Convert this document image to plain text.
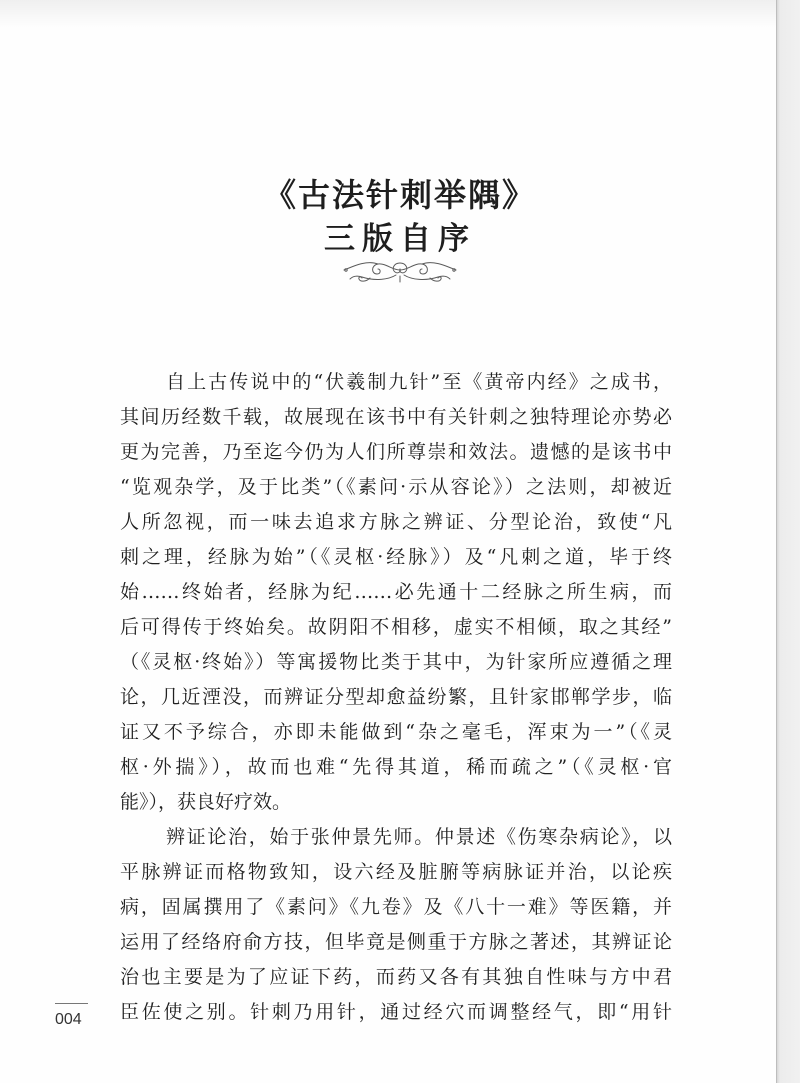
《古法针刺举隅》
三版自序
自上古传说中的“伏羲制九针”至《黄帝内经》之成书，
其间历经数千载，故展现在该书中有关针刺之独特理论亦势必
更为完善，乃至迄今仍为人们所尊崇和效法。遗憾的是该书中
“览观杂学，及于比类”（《素问·示从容论》）之法则，却被近
人所忽视，而一味去追求方脉之辨证、分型论治，致使“凡
刺之理，经脉为始”（《灵枢·经脉》）及“凡刺之道，毕于终
始……终始者，经脉为纪……必先通十二经脉之所生病，而
后可得传于终始矣。故阴阳不相移，虚实不相倾，取之其经”
（《灵枢·终始》）等寓援物比类于其中，为针家所应遵循之理
论，几近湮没，而辨证分型却愈益纷繁，且针家邯郸学步，临
证又不予综合，亦即未能做到“杂之毫毛，浑束为一”（《灵
枢·外揣》），故而也难“先得其道，稀而疏之”（《灵枢·官
能》），获良好疗效。
辨证论治，始于张仲景先师。仲景述《伤寒杂病论》，以
平脉辨证而格物致知，设六经及脏腑等病脉证并治，以论疾
病，固属撰用了《素问》《九卷》及《八十一难》等医籍，并
运用了经络府俞方技，但毕竟是侧重于方脉之著述，其辨证论
治也主要是为了应证下药，而药又各有其独自性味与方中君
臣佐使之别。针刺乃用针，通过经穴而调整经气，即“用针
004
